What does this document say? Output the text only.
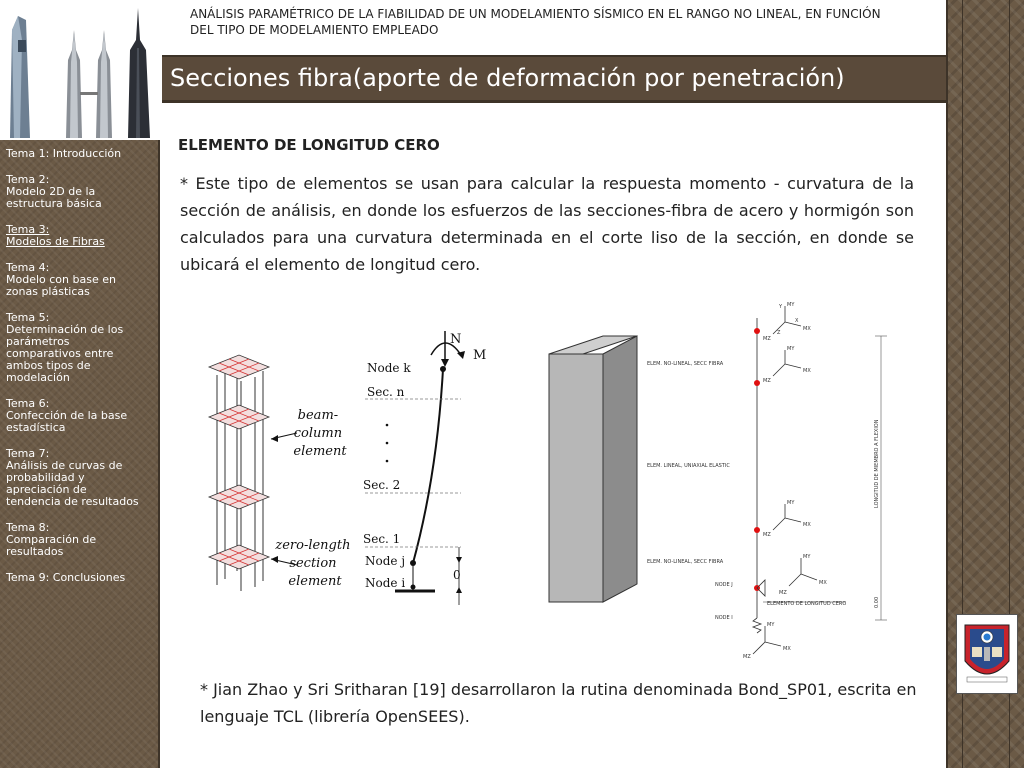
Tema 1: Introducción
Tema 2:
Modelo 2D de la
estructura básica
Tema 3:
Modelos de Fibras
Tema 4:
Modelo con base en
zonas plásticas
Tema 5:
Determinación de los
parámetros
comparativos entre
ambos tipos de
modelación
Tema 6:
Confección de la base
estadística
Tema 7:
Análisis de curvas de
probabilidad y
apreciación de
tendencia de resultados
Tema 8:
Comparación de
resultados
Tema 9: Conclusiones
ANÁLISIS PARAMÉTRICO DE LA FIABILIDAD DE UN MODELAMIENTO SÍSMICO EN EL RANGO NO LINEAL, EN FUNCIÓN DEL TIPO DE MODELAMIENTO EMPLEADO
Secciones fibra(aporte de deformación por penetración)
ELEMENTO DE LONGITUD CERO
* Este tipo de elementos se usan para calcular la respuesta momento - curvatura de la sección de análisis, en donde los esfuerzos de las secciones-fibra de acero y hormigón son calculados para una curvatura determinada en el corte liso de la sección, en donde se ubicará el elemento de longitud cero.
beam- column element
zero-length section element
N
M
Node k
Sec. n
Sec. 2
Sec. 1
Node j
Node i
0
MY
MX
MZ
Y
X
Z
MY
MX
MZ
MY
MX
MZ
MY
MX
MZ
MY
MX
MZ
ELEM. NO-LINEAL, SECC FIBRA
ELEM. LINEAL, UNIAXIAL ELASTIC
ELEM. NO-LINEAL, SECC FIBRA
NODE J
ELEMENTO DE LONGITUD CERO
NODE I
LONGITUD DE MIEMBRO A FLEXION
0.00
* Jian Zhao y Sri Sritharan [19] desarrollaron la rutina denominada Bond_SP01, escrita en lenguaje TCL (librería OpenSEES).
